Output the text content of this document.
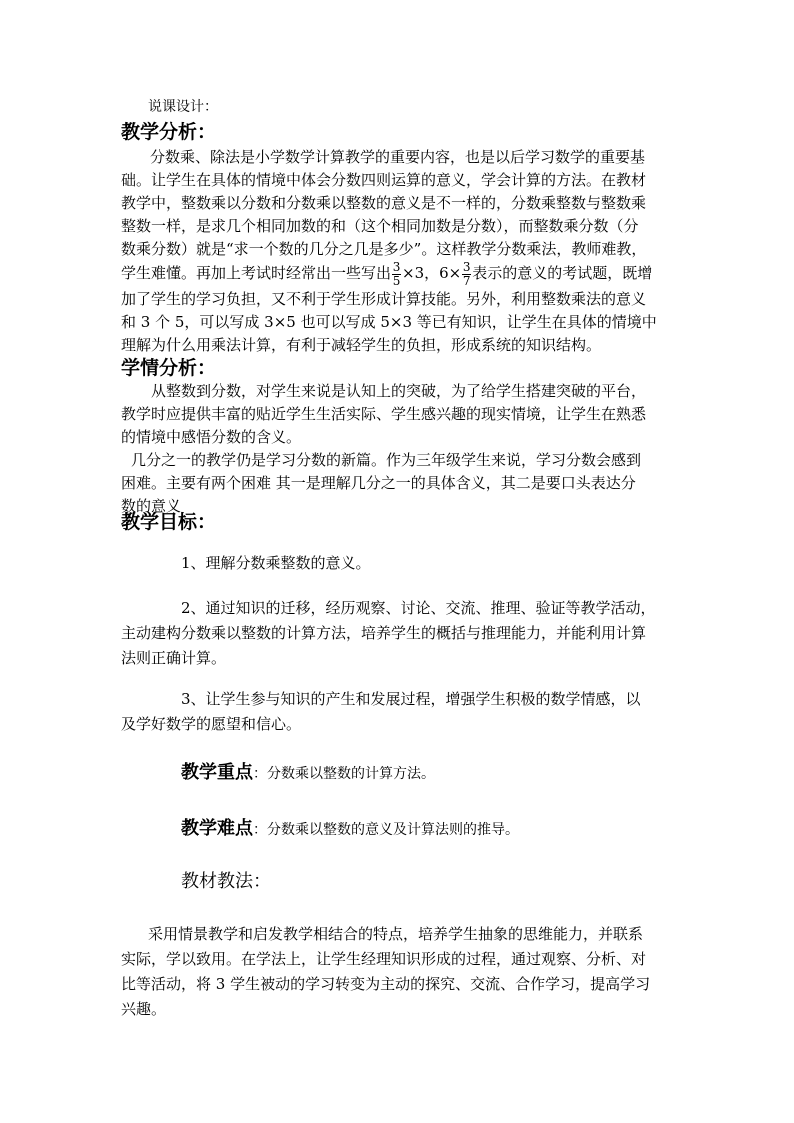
说课设计：
教学分析：
分数乘、除法是小学数学计算教学的重要内容，也是以后学习数学的重要基
础。让学生在具体的情境中体会分数四则运算的意义，学会计算的方法。在教材
教学中，整数乘以分数和分数乘以整数的意义是不一样的，分数乘整数与整数乘
整数一样，是求几个相同加数的和（这个相同加数是分数），而整数乘分数（分
数乘分数）就是“求一个数的几分之几是多少”。这样教学分数乘法，教师难教，
学生难懂。再加上考试时经常出一些写出 $\frac{3}{5} \times 3$，$6\times \frac{3}{7}$ 表示的意义的考试题，既增
加了学生的学习负担，又不利于学生形成计算技能。另外，利用整数乘法的意义
和 3 个 5，可以写成 3×5 也可以写成 5×3 等已有知识，让学生在具体的情境中
理解为什么用乘法计算，有利于减轻学生的负担，形成系统的知识结构。
学情分析：
从整数到分数，对学生来说是认知上的突破，为了给学生搭建突破的平台，
教学时应提供丰富的贴近学生生活实际、学生感兴趣的现实情境，让学生在熟悉
的情境中感悟分数的含义。
几分之一的教学仍是学习分数的新篇。作为三年级学生来说，学习分数会感到
困难。主要有两个困难 其一是理解几分之一的具体含义，其二是要口头表达分
数的意义
教学目标：
1、理解分数乘整数的意义。
2、通过知识的迁移，经历观察、讨论、交流、推理、验证等教学活动，
主动建构分数乘以整数的计算方法，培养学生的概括与推理能力，并能利用计算
法则正确计算。
3、让学生参与知识的产生和发展过程，增强学生积极的数学情感，以
及学好数学的愿望和信心。
教学重点：分数乘以整数的计算方法。
教学难点：分数乘以整数的意义及计算法则的推导。
教材教法：
采用情景教学和启发教学相结合的特点，培养学生抽象的思维能力，并联系
实际，学以致用。在学法上，让学生经理知识形成的过程，通过观察、分析、对
比等活动，将 3 学生被动的学习转变为主动的探究、交流、合作学习，提高学习
兴趣。
